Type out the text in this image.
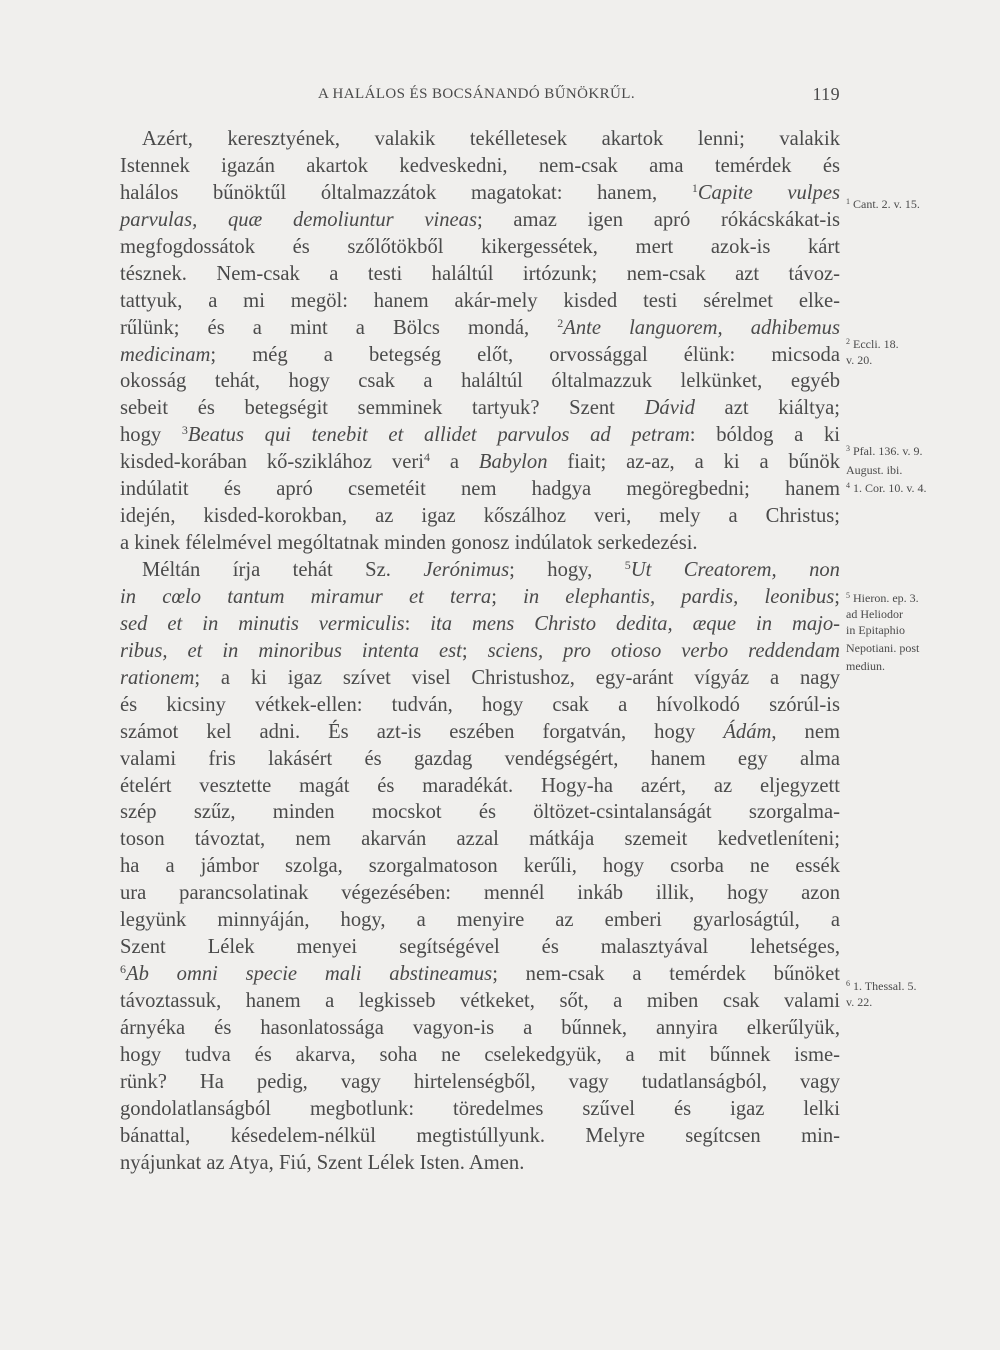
A HALÁLOS ÉS BOCSÁNANDÓ BŰNÖKRŰL.	119
Azért, keresztyének, valakik tekélletesek akartok lenni; valakik
Istennek igazán akartok kedveskedni, nem-csak ama temérdek és
halálos bűnöktűl óltalmazzátok magatokat: hanem, $^1$Capite vulpes
parvulas, quæ demoliuntur vineas; amaz igen apró rókácskákat-is
megfogdossátok és szőlőtökből kikergessétek, mert azok-is kárt
tésznek. Nem-csak a testi haláltúl irtózunk; nem-csak azt távoz-
tattyuk, a mi megöl: hanem akár-mely kisded testi sérelmet elke-
rűlünk; és a mint a Bölcs mondá, $^2$Ante languorem, adhibemus
medicinam; még a betegség előt, orvossággal élünk: micsoda
okosság tehát, hogy csak a haláltúl óltalmazzuk lelkünket, egyéb
sebeit és betegségit semminek tartyuk? Szent Dávid azt kiáltya;
hogy $^3$Beatus qui tenebit et allidet parvulos ad petram: bóldog a ki
kisded-korában kő-sziklához veri$^4$ a Babylon fiait; az-az, a ki a bűnök
indúlatit és apró csemetéit nem hadgya megöregbedni; hanem
idején, kisded-korokban, az igaz kőszálhoz veri, mely a Christus;
a kinek félelmével mególtatnak minden gonosz indúlatok serkedezési.
Méltán írja tehát Sz. Jerónimus; hogy, $^5$Ut Creatorem, non
in cœlo tantum miramur et terra; in elephantis, pardis, leonibus;
sed et in minutis vermiculis: ita mens Christo dedita, æque in majo-
ribus, et in minoribus intenta est; sciens, pro otioso verbo reddendam
rationem; a ki igaz szívet visel Christushoz, egy-aránt vígyáz a nagy
és kicsiny vétkek-ellen: tudván, hogy csak a hívolkodó szórúl-is
számot kel adni. És azt-is eszében forgatván, hogy Ádám, nem
valami fris lakásért és gazdag vendégségért, hanem egy alma
ételért vesztette magát és maradékát. Hogy-ha azért, az eljegyzett
szép szűz, minden mocskot és öltözet-csintalanságát szorgalma-
toson távoztat, nem akarván azzal mátkája szemeit kedvetleníteni;
ha a jámbor szolga, szorgalmatoson kerűli, hogy csorba ne essék
ura parancsolatinak végezésében: mennél inkáb illik, hogy azon
legyünk minnyáján, hogy, a menyire az emberi gyarloságtúl, a
Szent Lélek menyei segítségével és malasztyával lehetséges,
$^6$Ab omni specie mali abstineamus; nem-csak a temérdek bűnöket
távoztassuk, hanem a legkisseb vétkeket, sőt, a miben csak valami
árnyéka és hasonlatossága vagyon-is a bűnnek, annyira elkerűlyük,
hogy tudva és akarva, soha ne cselekedgyük, a mit bűnnek isme-
rünk? Ha pedig, vagy hirtelenségből, vagy tudatlanságból, vagy
gondolatlanságból megbotlunk: töredelmes szűvel és igaz lelki
bánattal, késedelem-nélkül megtistúllyunk. Melyre segítcsen min-
nyájunkat az Atya, Fiú, Szent Lélek Isten. Amen.
$^1$ Cant. 2. v. 15.
$^2$ Eccli. 18.
v. 20.
$^3$ Pfal. 136. v. 9.
August. ibi.
$^4$ 1. Cor. 10. v. 4.
$^5$ Hieron. ep. 3.
ad Heliodor
in Epitaphio
Nepotiani. post
mediun.
$^6$ 1. Thessal. 5.
v. 22.
